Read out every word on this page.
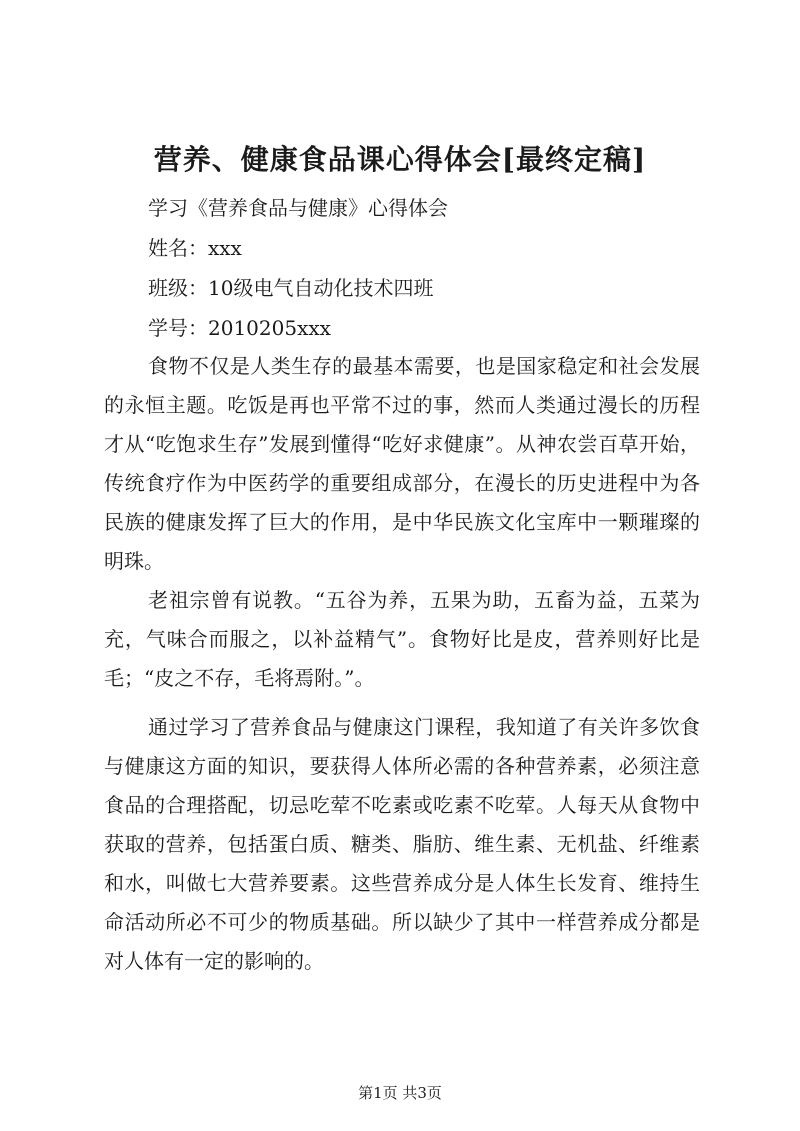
营养、健康食品课心得体会[最终定稿]
学习《营养食品与健康》心得体会
姓名：xxx
班级：10级电气自动化技术四班
学号：2010205xxx

食物不仅是人类生存的最基本需要，也是国家稳定和社会发展的永恒主题。吃饭是再也平常不过的事，然而人类通过漫长的历程才从“吃饱求生存”发展到懂得“吃好求健康”。从神农尝百草开始，传统食疗作为中医药学的重要组成部分，在漫长的历史进程中为各民族的健康发挥了巨大的作用，是中华民族文化宝库中一颗璀璨的明珠。

老祖宗曾有说教。“五谷为养，五果为助，五畜为益，五菜为充，气味合而服之，以补益精气”。食物好比是皮，营养则好比是毛；“皮之不存，毛将焉附。”。

通过学习了营养食品与健康这门课程，我知道了有关许多饮食与健康这方面的知识，要获得人体所必需的各种营养素，必须注意食品的合理搭配，切忌吃荤不吃素或吃素不吃荤。人每天从食物中获取的营养，包括蛋白质、糖类、脂肪、维生素、无机盐、纤维素和水，叫做七大营养要素。这些营养成分是人体生长发育、维持生命活动所必不可少的物质基础。所以缺少了其中一样营养成分都是对人体有一定的影响的。

第1页 共3页
